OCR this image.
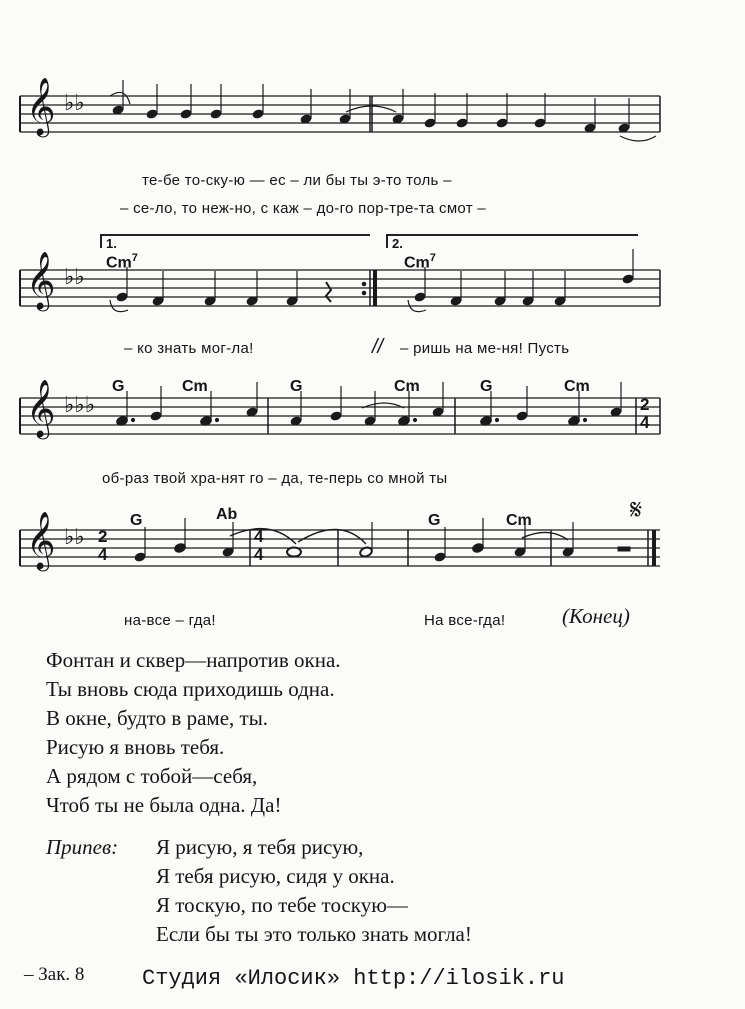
𝄞 ♭♭
𝄞 ♭♭
𝄞 ♭♭♭
𝄞 ♭♭
𝄋
те-бе то-ску-ю — ес – ли бы ты э-то толь –
– се-ло, то неж-но, с каж – до-го пор-тре-та смот –
1.	2.
Cm$^7$	Cm$^7$
– ко знать мог-ла!	// – ришь на ме-ня! Пусть
G	Cm	G	Cm	G	Cm
2
4
об-раз твой хра-нят го – да, те-перь со мной ты
G	Ab	G	Cm
2
4
4
4
на-все – гда!	На все-гда!	(Конец)
Фонтан и сквер—напротив окна.
Ты вновь сюда приходишь одна.
В окне, будто в раме, ты.
Рисую я вновь тебя.
А рядом с тобой—себя,
Чтоб ты не была одна. Да!
Припев: Я рисую, я тебя рисую,
Я тебя рисую, сидя у окна.
Я тоскую, по тебе тоскую—
Если бы ты это только знать могла!
– Зак. 8	Студия «Илосик» http://ilosik.ru
